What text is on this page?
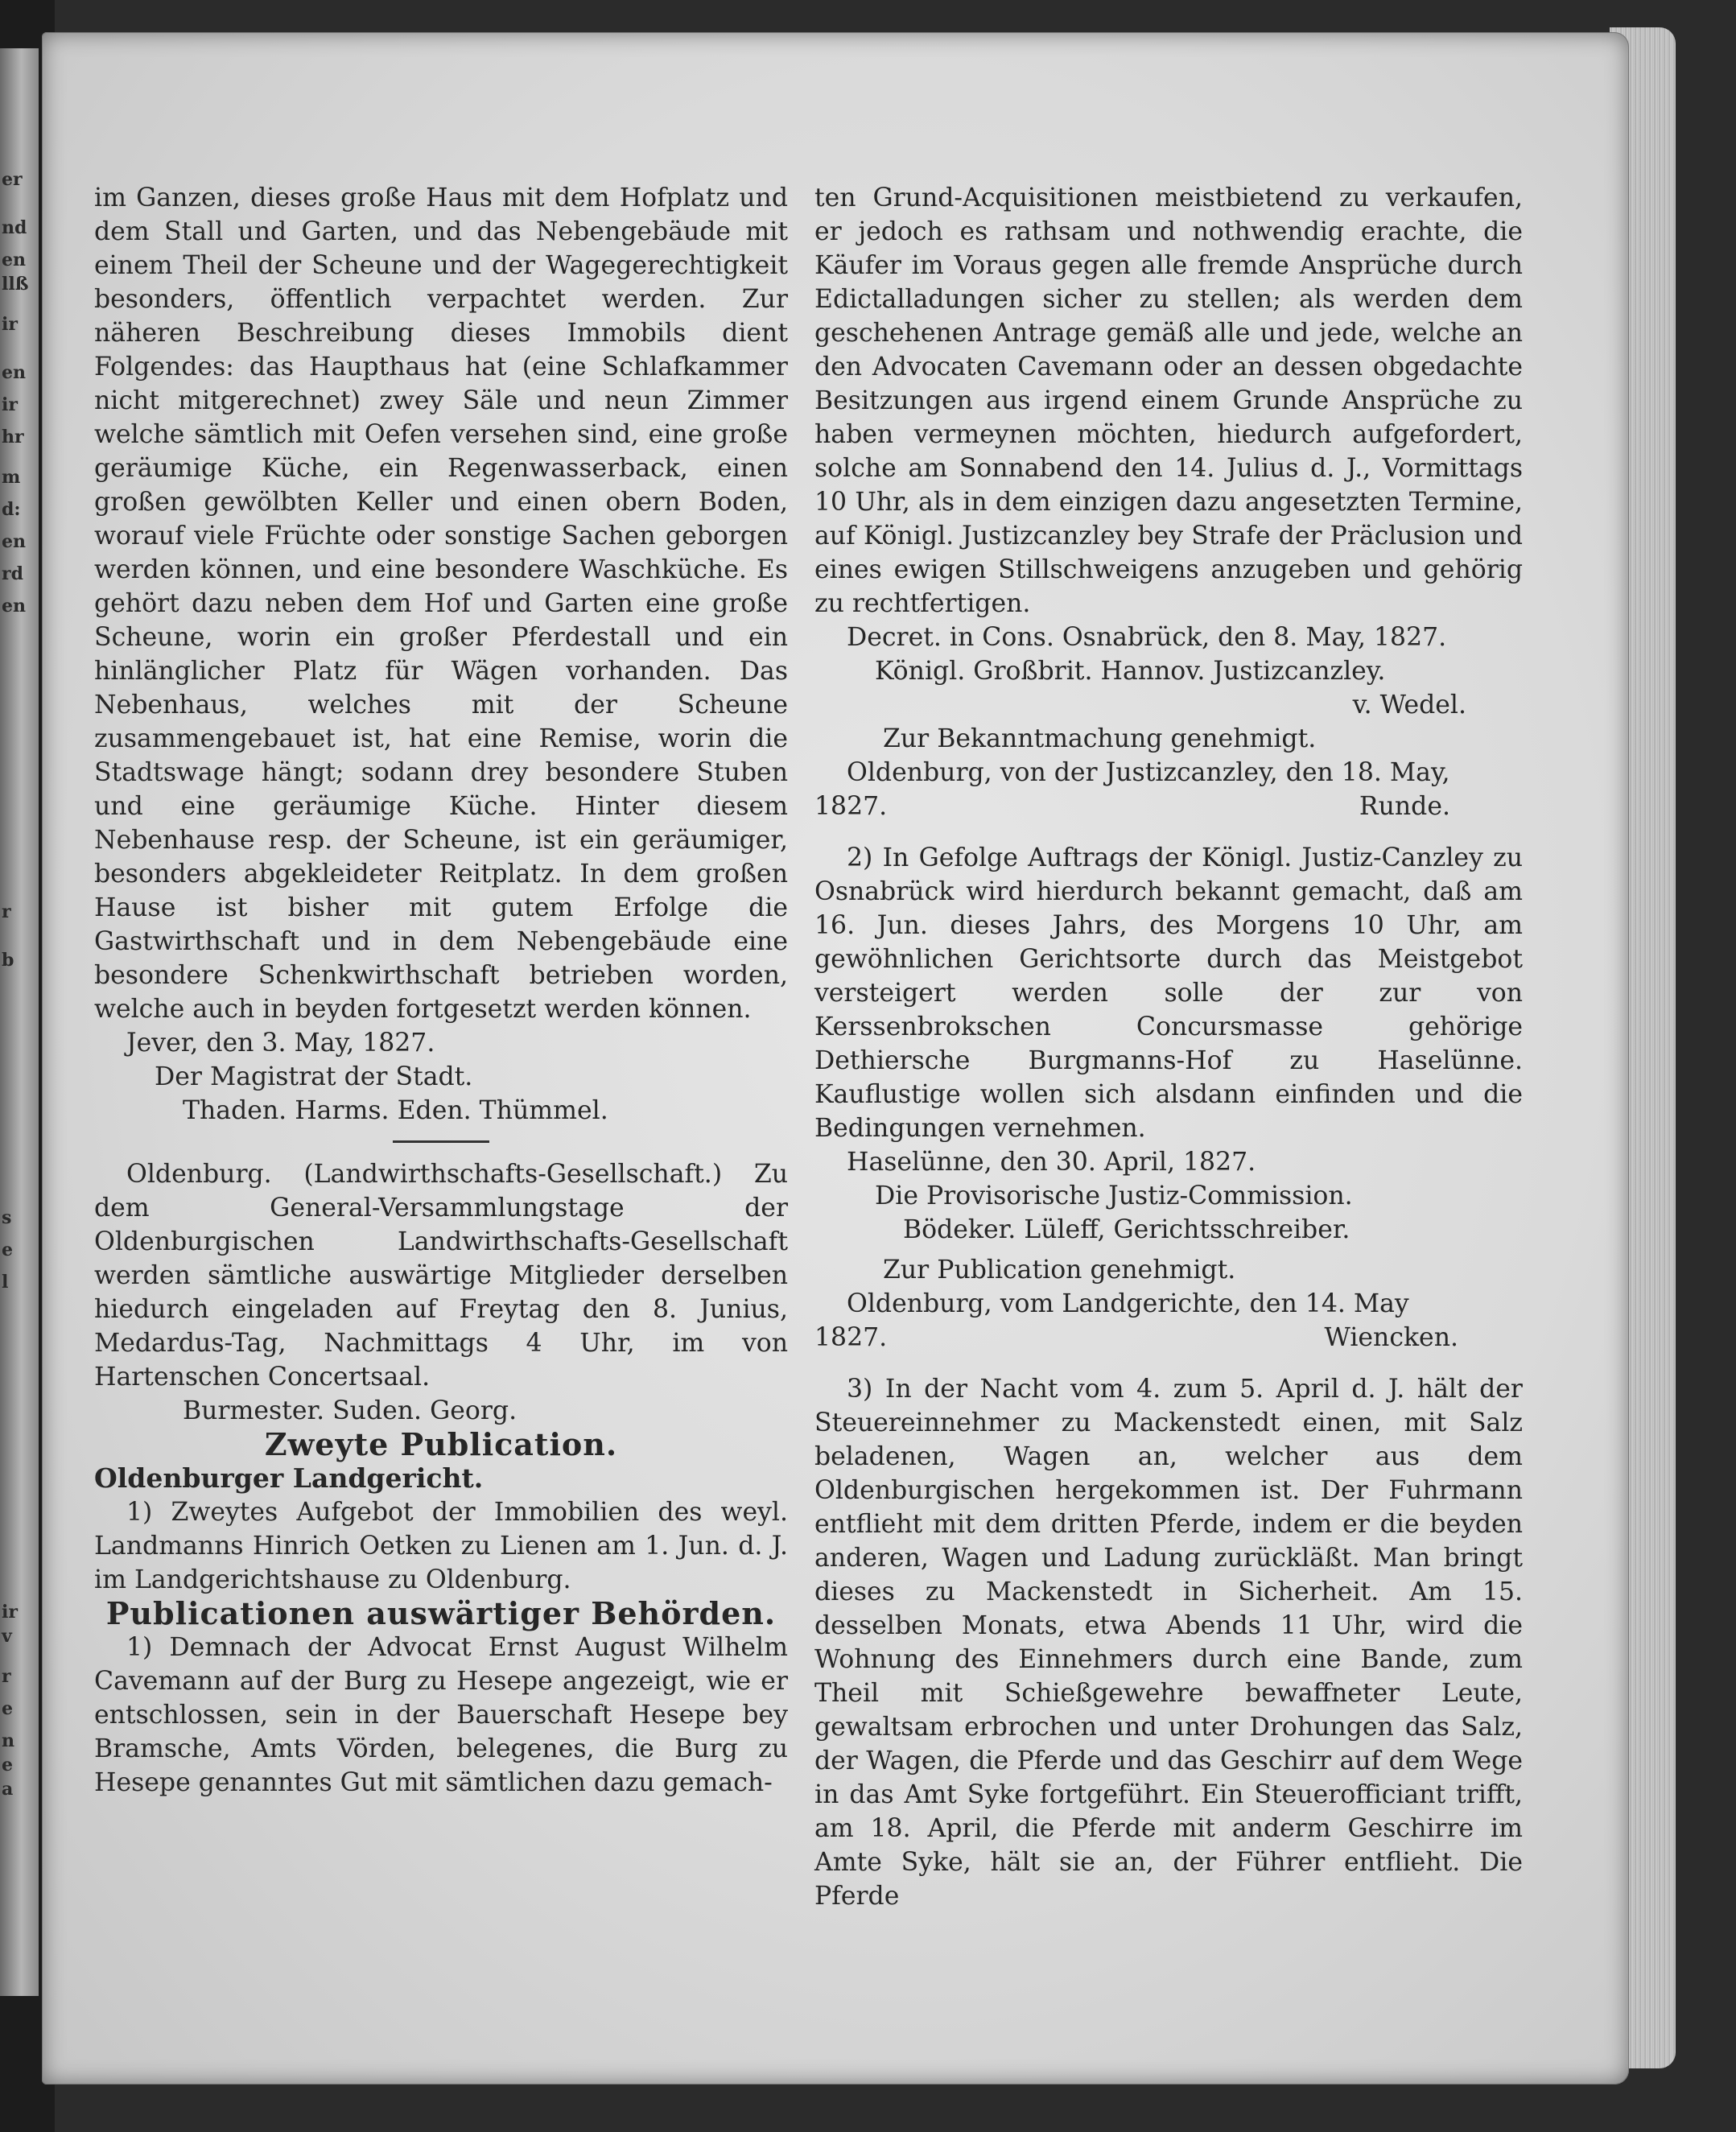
er
nd
en
llß
ir
en
ir
hr
m
d:
en
rd
en
r
b
s
e
l
ir
v
r
e
n
e
a

im Ganzen, dieses große Haus mit dem Hofplatz und dem Stall und Garten, und das Nebengebäude mit einem Theil der Scheune und der Wagegerechtigkeit besonders, öffentlich verpachtet werden. Zur näheren Beschreibung dieses Immobils dient Folgendes: das Haupthaus hat (eine Schlafkammer nicht mitgerechnet) zwey Säle und neun Zimmer welche sämtlich mit Oefen versehen sind, eine große geräumige Küche, ein Regenwasserback, einen großen gewölbten Keller und einen obern Boden, worauf viele Früchte oder sonstige Sachen geborgen werden können, und eine besondere Waschküche. Es gehört dazu neben dem Hof und Garten eine große Scheune, worin ein großer Pferdestall und ein hinlänglicher Platz für Wägen vorhanden. Das Nebenhaus, welches mit der Scheune zusammengebauet ist, hat eine Remise, worin die Stadtswage hängt; sodann drey besondere Stuben und eine geräumige Küche. Hinter diesem Nebenhause resp. der Scheune, ist ein geräumiger, besonders abgekleideter Reitplatz. In dem großen Hause ist bisher mit gutem Erfolge die Gastwirthschaft und in dem Nebengebäude eine besondere Schenkwirthschaft betrieben worden, welche auch in beyden fortgesetzt werden können.

Jever, den 3. May, 1827.

Der Magistrat der Stadt.

Thaden. Harms. Eden. Thümmel.

Oldenburg. (Landwirthschafts-Gesellschaft.) Zu dem General-Versammlungstage der Oldenburgischen Landwirthschafts-Gesellschaft werden sämtliche auswärtige Mitglieder derselben hiedurch eingeladen auf Freytag den 8. Junius, Medardus-Tag, Nachmittags 4 Uhr, im von Hartenschen Concertsaal.

Burmester. Suden. Georg.

Zweyte Publication.

Oldenburger Landgericht.

1) Zweytes Aufgebot der Immobilien des weyl. Landmanns Hinrich Oetken zu Lienen am 1. Jun. d. J. im Landgerichtshause zu Oldenburg.

Publicationen auswärtiger Behörden.

1) Demnach der Advocat Ernst August Wilhelm Cavemann auf der Burg zu Hesepe angezeigt, wie er entschlossen, sein in der Bauerschaft Hesepe bey Bramsche, Amts Vörden, belegenes, die Burg zu Hesepe genanntes Gut mit sämtlichen dazu gemach-

ten Grund-Acquisitionen meistbietend zu verkaufen, er jedoch es rathsam und nothwendig erachte, die Käufer im Voraus gegen alle fremde Ansprüche durch Edictalladungen sicher zu stellen; als werden dem geschehenen Antrage gemäß alle und jede, welche an den Advocaten Cavemann oder an dessen obgedachte Besitzungen aus irgend einem Grunde Ansprüche zu haben vermeynen möchten, hiedurch aufgefordert, solche am Sonnabend den 14. Julius d. J., Vormittags 10 Uhr, als in dem einzigen dazu angesetzten Termine, auf Königl. Justizcanzley bey Strafe der Präclusion und eines ewigen Stillschweigens anzugeben und gehörig zu rechtfertigen.

Decret. in Cons. Osnabrück, den 8. May, 1827.

Königl. Großbrit. Hannov. Justizcanzley.

v. Wedel.

Zur Bekanntmachung genehmigt.

Oldenburg, von der Justizcanzley, den 18. May,

1827.	Runde.

2) In Gefolge Auftrags der Königl. Justiz-Canzley zu Osnabrück wird hierdurch bekannt gemacht, daß am 16. Jun. dieses Jahrs, des Morgens 10 Uhr, am gewöhnlichen Gerichtsorte durch das Meistgebot versteigert werden solle der zur von Kerssenbrokschen Concursmasse gehörige Dethiersche Burgmanns-Hof zu Haselünne. Kauflustige wollen sich alsdann einfinden und die Bedingungen vernehmen.

Haselünne, den 30. April, 1827.

Die Provisorische Justiz-Commission.

Bödeker. Lüleff, Gerichtsschreiber.

Zur Publication genehmigt.

Oldenburg, vom Landgerichte, den 14. May

1827.	Wiencken.

3) In der Nacht vom 4. zum 5. April d. J. hält der Steuereinnehmer zu Mackenstedt einen, mit Salz beladenen, Wagen an, welcher aus dem Oldenburgischen hergekommen ist. Der Fuhrmann entflieht mit dem dritten Pferde, indem er die beyden anderen, Wagen und Ladung zurückläßt. Man bringt dieses zu Mackenstedt in Sicherheit. Am 15. desselben Monats, etwa Abends 11 Uhr, wird die Wohnung des Einnehmers durch eine Bande, zum Theil mit Schießgewehre bewaffneter Leute, gewaltsam erbrochen und unter Drohungen das Salz, der Wagen, die Pferde und das Geschirr auf dem Wege in das Amt Syke fortgeführt. Ein Steuerofficiant trifft, am 18. April, die Pferde mit anderm Geschirre im Amte Syke, hält sie an, der Führer entflieht. Die Pferde
